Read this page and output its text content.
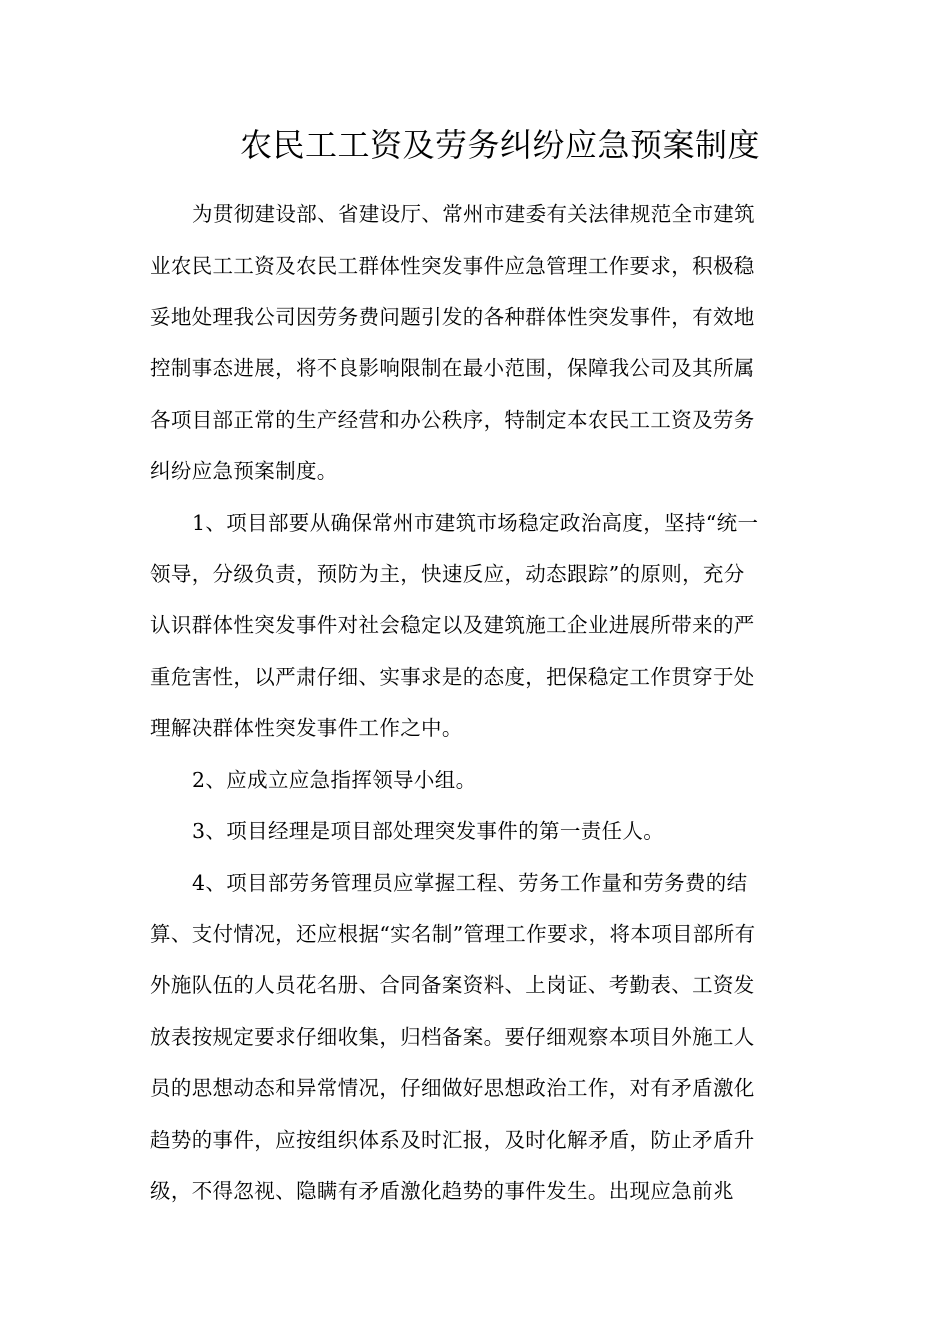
农民工工资及劳务纠纷应急预案制度

为贯彻建设部、省建设厅、常州市建委有关法律规范全市建筑

业农民工工资及农民工群体性突发事件应急管理工作要求，积极稳

妥地处理我公司因劳务费问题引发的各种群体性突发事件，有效地

控制事态进展，将不良影响限制在最小范围，保障我公司及其所属

各项目部正常的生产经营和办公秩序，特制定本农民工工资及劳务

纠纷应急预案制度。

1、项目部要从确保常州市建筑市场稳定政治高度，坚持“统一

领导，分级负责，预防为主，快速反应，动态跟踪”的原则，充分

认识群体性突发事件对社会稳定以及建筑施工企业进展所带来的严

重危害性，以严肃仔细、实事求是的态度，把保稳定工作贯穿于处

理解决群体性突发事件工作之中。

2、应成立应急指挥领导小组。

3、项目经理是项目部处理突发事件的第一责任人。

4、项目部劳务管理员应掌握工程、劳务工作量和劳务费的结

算、支付情况，还应根据“实名制”管理工作要求，将本项目部所有

外施队伍的人员花名册、合同备案资料、上岗证、考勤表、工资发

放表按规定要求仔细收集，归档备案。要仔细观察本项目外施工人

员的思想动态和异常情况，仔细做好思想政治工作，对有矛盾激化

趋势的事件，应按组织体系及时汇报，及时化解矛盾，防止矛盾升

级，不得忽视、隐瞒有矛盾激化趋势的事件发生。出现应急前兆
